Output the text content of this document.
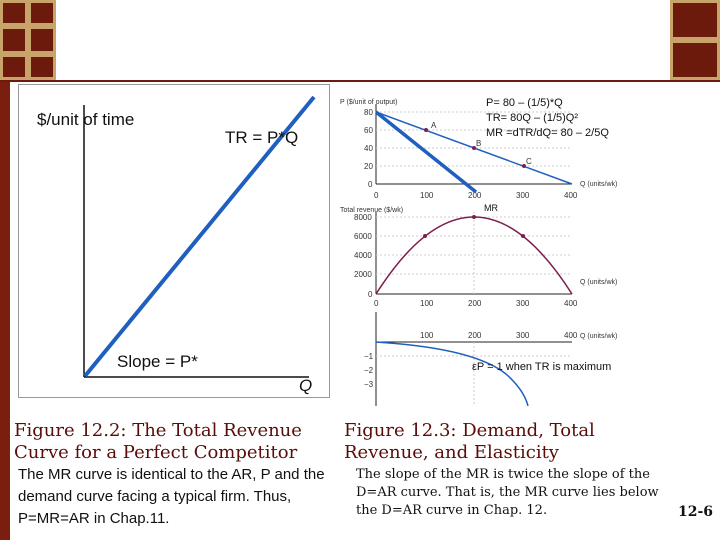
$/unit of time
TR = P*Q
Slope = P*
Q
P ($/unit of output)
80
60
40
20
0
0	100	200	300	400
Q (units/wk)
A
B
C
MR
P= 80 – (1/5)*Q
TR= 80Q – (1/5)Q²
MR =dTR/dQ= 80 – 2/5Q
Total revenue ($/wk)
8000
6000
4000
2000
0
0	100	200	300	400
Q (units/wk)
100	200	300	400 Q (units/wk)
−1
−2
−3
εP = 1 when TR is maximum
Figure 12.2: The Total Revenue Curve for a Perfect Competitor
The MR curve is identical to the AR, P and the demand curve facing a typical firm. Thus, P=MR=AR in Chap.11.
Figure 12.3: Demand, Total Revenue, and Elasticity
The slope of the MR is twice the slope of the D=AR curve. That is, the MR curve lies below the D=AR curve in Chap. 12.	12-6
